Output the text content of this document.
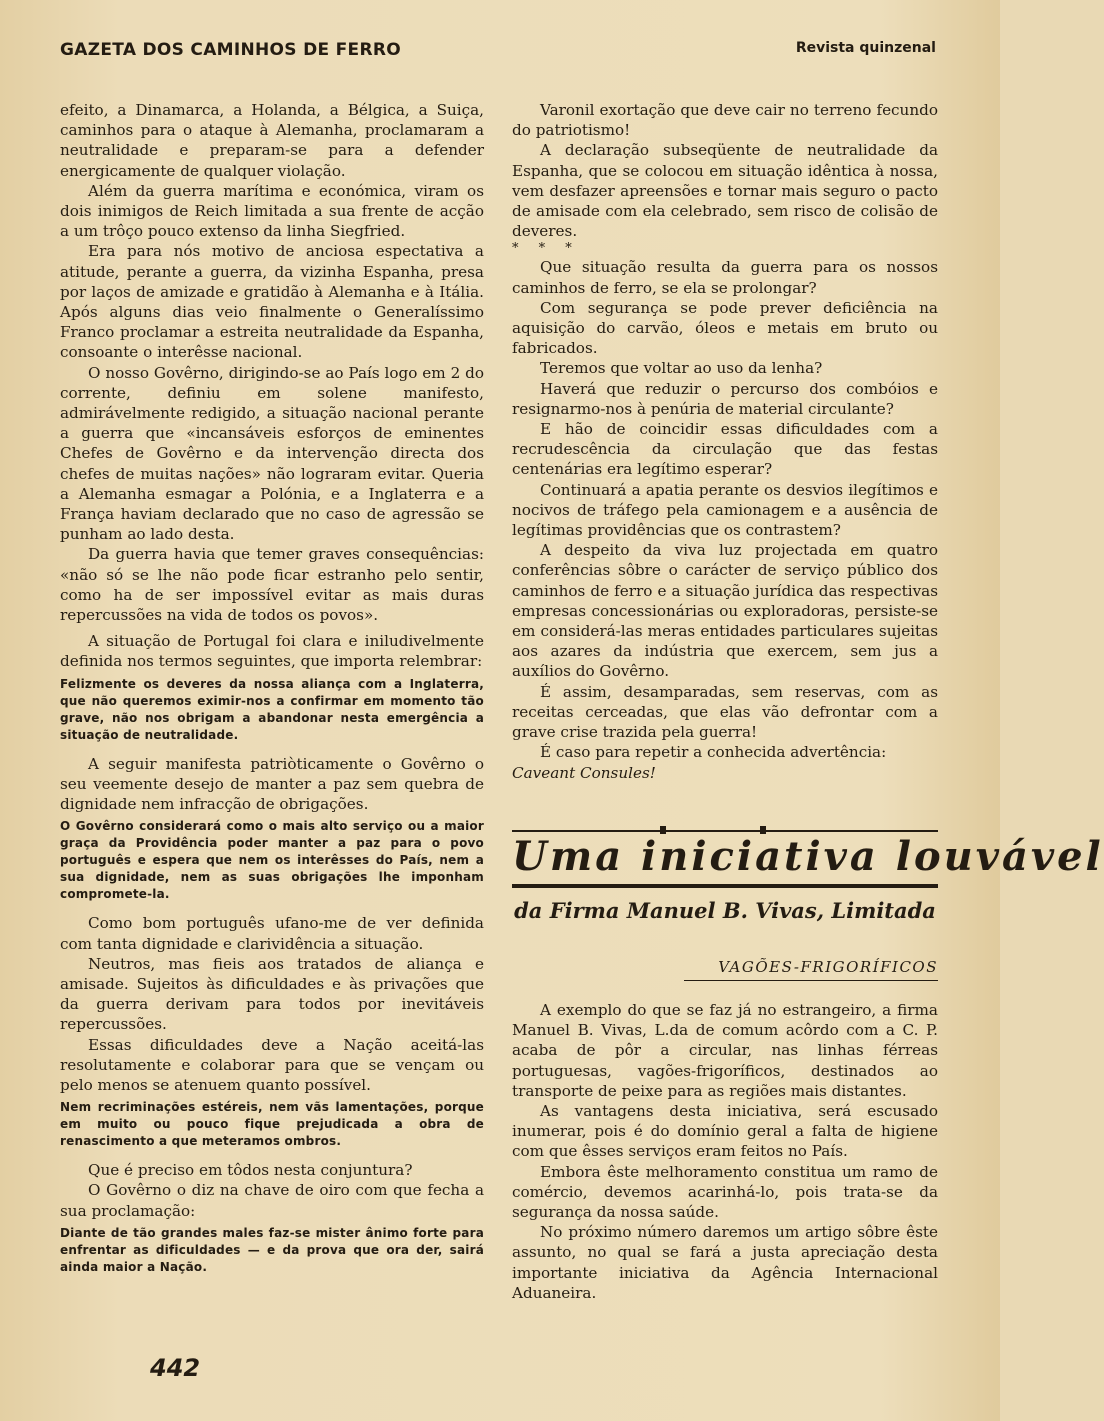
GAZETA DOS CAMINHOS DE FERRO	Revista quinzenal

efeito, a Dinamarca, a Holanda, a Bélgica, a Suiça, caminhos para o ataque à Alemanha, proclamaram a neutralidade e preparam-se para a defender energicamente de qualquer violação.

Além da guerra marítima e económica, viram os dois inimigos de Reich limitada a sua frente de acção a um trôço pouco extenso da linha Siegfried.

Era para nós motivo de anciosa espectativa a atitude, perante a guerra, da vizinha Espanha, presa por laços de amizade e gratidão à Alemanha e à Itália. Após alguns dias veio finalmente o Generalíssimo Franco proclamar a estreita neutralidade da Espanha, consoante o interêsse nacional.

O nosso Govêrno, dirigindo-se ao País logo em 2 do corrente, definiu em solene manifesto, admirávelmente redigido, a situação nacional perante a guerra que «incansáveis esforços de eminentes Chefes de Govêrno e da intervenção directa dos chefes de muitas nações» não lograram evitar. Queria a Alemanha esmagar a Polónia, e a Inglaterra e a França haviam declarado que no caso de agressão se punham ao lado desta.

Da guerra havia que temer graves consequências: «não só se lhe não pode ficar estranho pelo sentir, como ha de ser impossível evitar as mais duras repercussões na vida de todos os povos».

A situação de Portugal foi clara e iniludivelmente definida nos termos seguintes, que importa relembrar:

Felizmente os deveres da nossa aliança com a Inglaterra, que não queremos eximir-nos a confirmar em momento tão grave, não nos obrigam a abandonar nesta emergência a situação de neutralidade.

A seguir manifesta patriòticamente o Govêrno o seu veemente desejo de manter a paz sem quebra de dignidade nem infracção de obrigações.

O Govêrno considerará como o mais alto serviço ou a maior graça da Providência poder manter a paz para o povo português e espera que nem os interêsses do País, nem a sua dignidade, nem as suas obrigações lhe imponham compromete-la.

Como bom português ufano-me de ver definida com tanta dignidade e clarividência a situação.

Neutros, mas fieis aos tratados de aliança e amisade. Sujeitos às dificuldades e às privações que da guerra derivam para todos por inevitáveis repercussões.

Essas dificuldades deve a Nação aceitá-las resolutamente e colaborar para que se vençam ou pelo menos se atenuem quanto possível.

Nem recriminações estéreis, nem vãs lamentações, porque em muito ou pouco fique prejudicada a obra de renascimento a que meteramos ombros.

Que é preciso em tôdos nesta conjuntura?

O Govêrno o diz na chave de oiro com que fecha a sua proclamação:

Diante de tão grandes males faz-se mister ânimo forte para enfrentar as dificuldades — e da prova que ora der, sairá ainda maior a Nação.

Varonil exortação que deve cair no terreno fecundo do patriotismo!

A declaração subseqüente de neutralidade da Espanha, que se colocou em situação idêntica à nossa, vem desfazer apreensões e tornar mais seguro o pacto de amisade com ela celebrado, sem risco de colisão de deveres.

* * *

Que situação resulta da guerra para os nossos caminhos de ferro, se ela se prolongar?

Com segurança se pode prever deficiência na aquisição do carvão, óleos e metais em bruto ou fabricados.

Teremos que voltar ao uso da lenha?

Haverá que reduzir o percurso dos combóios e resignarmo-nos à penúria de material circulante?

E hão de coincidir essas dificuldades com a recrudescência da circulação que das festas centenárias era legítimo esperar?

Continuará a apatia perante os desvios ilegítimos e nocivos de tráfego pela camionagem e a ausência de legítimas providências que os contrastem?

A despeito da viva luz projectada em quatro conferências sôbre o carácter de serviço público dos caminhos de ferro e a situação jurídica das respectivas empresas concessionárias ou exploradoras, persiste-se em considerá-las meras entidades particulares sujeitas aos azares da indústria que exercem, sem jus a auxílios do Govêrno.

É assim, desamparadas, sem reservas, com as receitas cerceadas, que elas vão defrontar com a grave crise trazida pela guerra!

É caso para repetir a conhecida advertência:

Caveant Consules!

Uma iniciativa louvável
da Firma Manuel B. Vivas, Limitada
VAGÕES-FRIGORÍFICOS

A exemplo do que se faz já no estrangeiro, a firma Manuel B. Vivas, L.da de comum acôrdo com a C. P. acaba de pôr a circular, nas linhas férreas portuguesas, vagões-frigoríficos, destinados ao transporte de peixe para as regiões mais distantes.

As vantagens desta iniciativa, será escusado inumerar, pois é do domínio geral a falta de higiene com que êsses serviços eram feitos no País.

Embora êste melhoramento constitua um ramo de comércio, devemos acarinhá-lo, pois trata-se da segurança da nossa saúde.

No próximo número daremos um artigo sôbre êste assunto, no qual se fará a justa apreciação desta importante iniciativa da Agência Internacional Aduaneira.

442
